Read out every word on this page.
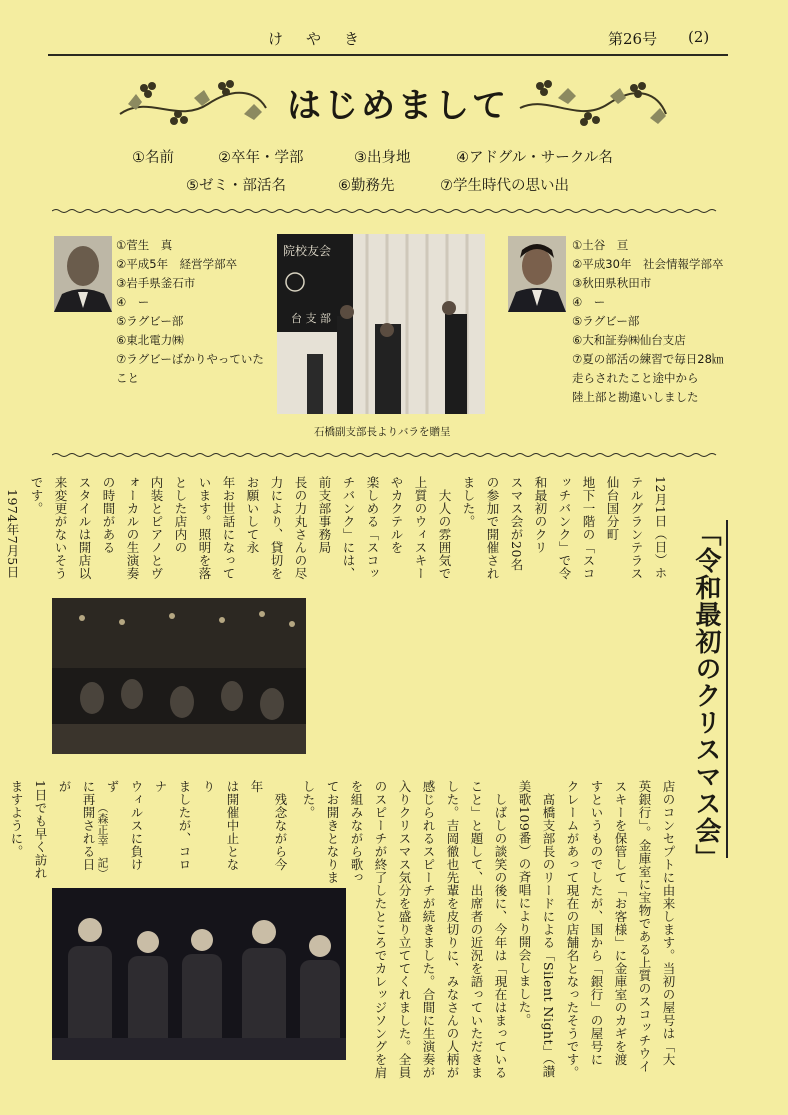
け　や　き	第26号 (2)
はじめまして
①名前	②卒年・学部	③出身地	④アドグル・サークル名
⑤ゼミ・部活名	⑥勤務先	⑦学生時代の思い出
①菅生　真
②平成5年　経営学部卒
③岩手県釜石市
④　ー
⑤ラグビー部
⑥東北電力㈱
⑦ラグビーばかりやっていた
こと
院校友会
台 支 部
石橋副支部長よりバラを贈呈
①土谷　亘
②平成30年　社会情報学部卒
③秋田県秋田市
④　ー
⑤ラグビー部
⑥大和証券㈱仙台支店
⑦夏の部活の練習で毎日28㎞
走らされたこと途中から
陸上部と勘違いしました
「令和最初のクリスマス会」
12月1日（日）ホテルグランテラス仙台国分町
地下一階の「スコッチバンク」で令和最初のクリ
スマス会が20名の参加で開催されました。
　大人の雰囲気で上質のウィスキーやカクテルを
楽しめる「スコッチバンク」には、前支部事務局
長の力丸さんの尽力により、貸切をお願いして永
年お世話になっています。照明を落とした店内の
内装とピアノとヴォーカルの生演奏の時間がある
スタイルは開店以来変更がないそうです。
　1974年7月5日

店のコンセプトに由来します。当初の屋号は「大
英銀行」。金庫室に宝物である上質のスコッチウイ
スキーを保管して「お客様」に金庫室のカギを渡
すというものでしたが、国から「銀行」の屋号に
クレームがあって現在の店舗名となったそうです。
　髙橋支部長のリードによる「Silent Night」（讃
美歌109番）の斉唱により開会しました。
　しばしの談笑の後に、今年は「現在はまっている
こと」と題して、出席者の近況を語っていただきま
した。吉岡徹也先輩を皮切りに、みなさんの人柄が
感じられるスピーチが続きました。合間に生演奏が
入りクリスマス気分を盛り立ててくれました。全員
のスピーチが終了したところでカレッジソングを肩
を組みながら歌っ
てお開きとなりま
した。
　残念ながら今年
は開催中止となり
ましたが、コロナ
ウィルスに負けず
に再開される日が
1日でも早く訪れ
ますように。	（森正幸　記）
